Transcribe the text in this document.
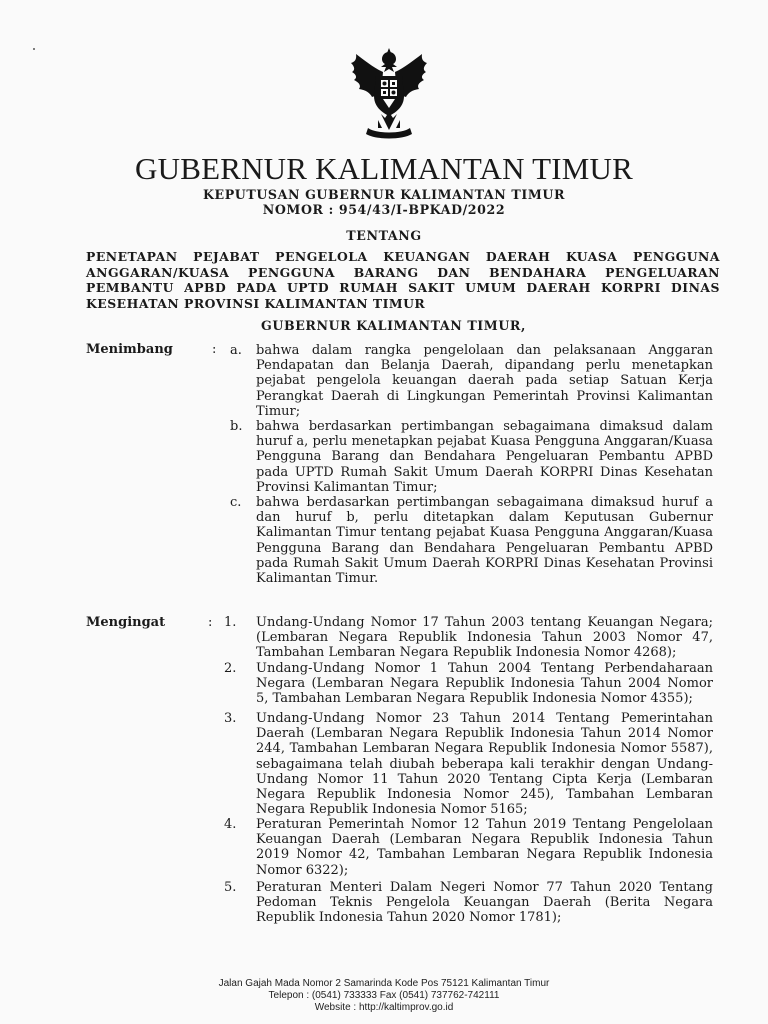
GUBERNUR KALIMANTAN TIMUR
KEPUTUSAN GUBERNUR KALIMANTAN TIMUR
NOMOR : 954/43/I-BPKAD/2022
TENTANG
PENETAPAN PEJABAT PENGELOLA KEUANGAN DAERAH KUASA PENGGUNA ANGGARAN/KUASA PENGGUNA BARANG DAN BENDAHARA PENGELUARAN PEMBANTU APBD PADA UPTD RUMAH SAKIT UMUM DAERAH KORPRI DINAS KESEHATAN PROVINSI KALIMANTAN TIMUR
GUBERNUR KALIMANTAN TIMUR,
Menimbang	: a. bahwa dalam rangka pengelolaan dan pelaksanaan Anggaran Pendapatan dan Belanja Daerah, dipandang perlu menetapkan pejabat pengelola keuangan daerah pada setiap Satuan Kerja Perangkat Daerah di Lingkungan Pemerintah Provinsi Kalimantan Timur;
b. bahwa berdasarkan pertimbangan sebagaimana dimaksud dalam huruf a, perlu menetapkan pejabat Kuasa Pengguna Anggaran/Kuasa Pengguna Barang dan Bendahara Pengeluaran Pembantu APBD pada UPTD Rumah Sakit Umum Daerah KORPRI Dinas Kesehatan Provinsi Kalimantan Timur;
c. bahwa berdasarkan pertimbangan sebagaimana dimaksud huruf a dan huruf b, perlu ditetapkan dalam Keputusan Gubernur Kalimantan Timur tentang pejabat Kuasa Pengguna Anggaran/Kuasa Pengguna Barang dan Bendahara Pengeluaran Pembantu APBD pada Rumah Sakit Umum Daerah KORPRI Dinas Kesehatan Provinsi Kalimantan Timur.
Mengingat	: 1. Undang-Undang Nomor 17 Tahun 2003 tentang Keuangan Negara; (Lembaran Negara Republik Indonesia Tahun 2003 Nomor 47, Tambahan Lembaran Negara Republik Indonesia Nomor 4268);
2. Undang-Undang Nomor 1 Tahun 2004 Tentang Perbendaharaan Negara (Lembaran Negara Republik Indonesia Tahun 2004 Nomor 5, Tambahan Lembaran Negara Republik Indonesia Nomor 4355);
3. Undang-Undang Nomor 23 Tahun 2014 Tentang Pemerintahan Daerah (Lembaran Negara Republik Indonesia Tahun 2014 Nomor 244, Tambahan Lembaran Negara Republik Indonesia Nomor 5587), sebagaimana telah diubah beberapa kali terakhir dengan Undang-Undang Nomor 11 Tahun 2020 Tentang Cipta Kerja (Lembaran Negara Republik Indonesia Nomor 245), Tambahan Lembaran Negara Republik Indonesia Nomor 5165;
4. Peraturan Pemerintah Nomor 12 Tahun 2019 Tentang Pengelolaan Keuangan Daerah (Lembaran Negara Republik Indonesia Tahun 2019 Nomor 42, Tambahan Lembaran Negara Republik Indonesia Nomor 6322);
5. Peraturan Menteri Dalam Negeri Nomor 77 Tahun 2020 Tentang Pedoman Teknis Pengelola Keuangan Daerah (Berita Negara Republik Indonesia Tahun 2020 Nomor 1781);
Jalan Gajah Mada Nomor 2 Samarinda Kode Pos 75121 Kalimantan Timur
Telepon : (0541) 733333 Fax (0541) 737762-742111
Website : http://kaltimprov.go.id
